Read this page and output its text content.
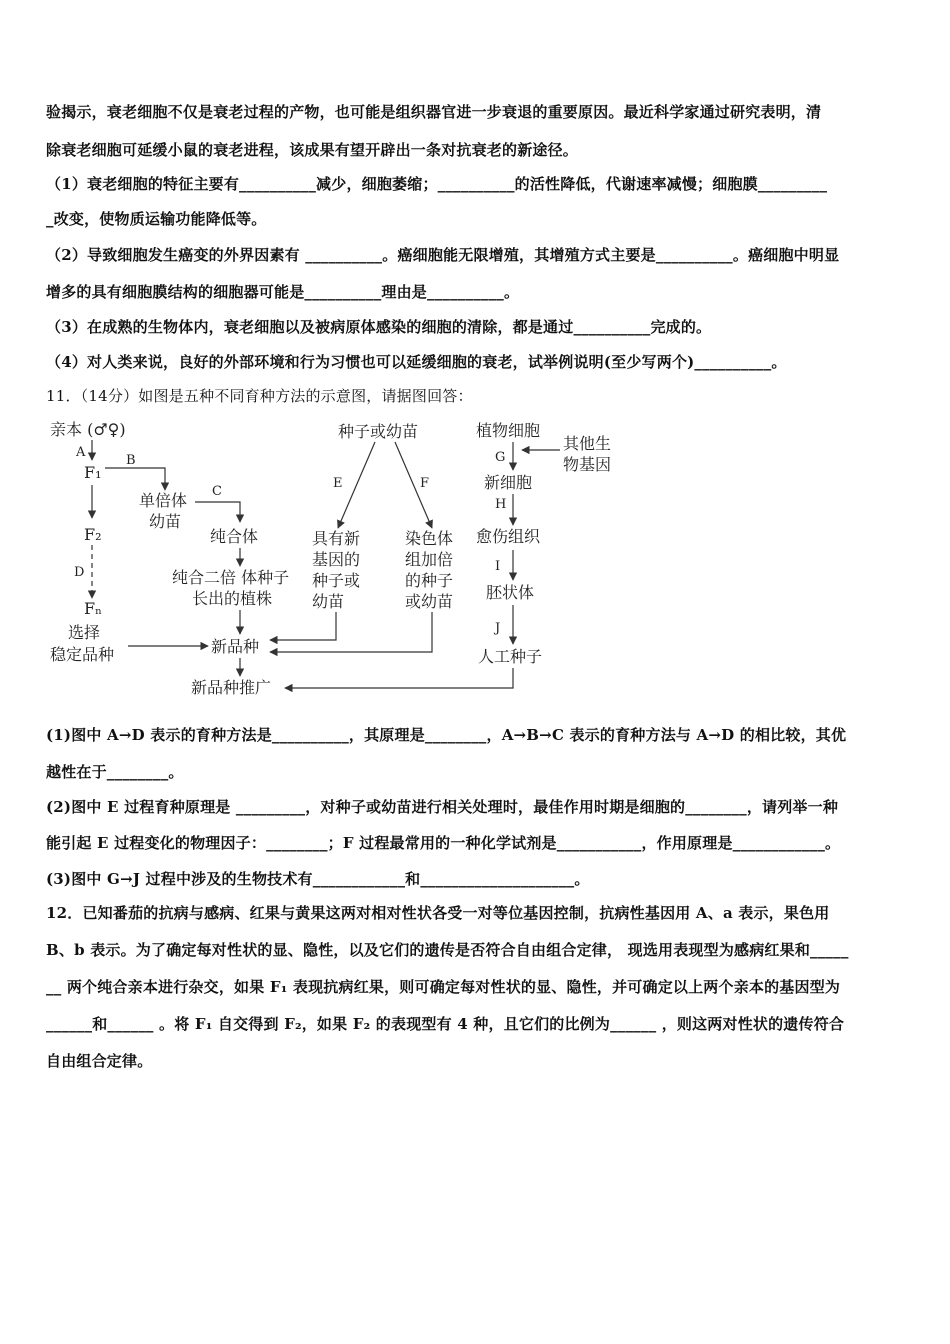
验揭示，衰老细胞不仅是衰老过程的产物，也可能是组织器官进一步衰退的重要原因。最近科学家通过研究表明，清
除衰老细胞可延缓小鼠的衰老进程，该成果有望开辟出一条对抗衰老的新途径。
（1）衰老细胞的特征主要有__________减少，细胞萎缩；__________的活性降低，代谢速率减慢；细胞膜_________
_改变，使物质运输功能降低等。
（2）导致细胞发生癌变的外界因素有 __________。癌细胞能无限增殖，其增殖方式主要是__________。癌细胞中明显
增多的具有细胞膜结构的细胞器可能是__________理由是__________。
（3）在成熟的生物体内，衰老细胞以及被病原体感染的细胞的清除，都是通过__________完成的。
（4）对人类来说，良好的外部环境和行为习惯也可以延缓细胞的衰老，试举例说明(至少写两个)__________。
11．（14分）如图是五种不同育种方法的示意图，请据图回答：
亲本 (♂♀)
A
F₁
B
单倍体
幼苗
C
F₂
D
Fₙ
纯合体
纯合二倍 体种子
长出的植株
选择
稳定品种	新品种
新品种推广
种子或幼苗
E	F
具有新
基因的
种子或
幼苗
染色体
组加倍
的种子
或幼苗
植物细胞
其他生
物基因
G
新细胞
H
愈伤组织
I
胚状体
J
人工种子
(1)图中 A→D 表示的育种方法是__________，其原理是________，A→B→C 表示的育种方法与 A→D 的相比较，其优
越性在于________。
(2)图中 E 过程育种原理是 _________，对种子或幼苗进行相关处理时，最佳作用时期是细胞的________，请列举一种
能引起 E 过程变化的物理因子：________；F 过程最常用的一种化学试剂是___________，作用原理是____________。
(3)图中 G→J 过程中涉及的生物技术有____________和____________________。
12．已知番茄的抗病与感病、红果与黄果这两对相对性状各受一对等位基因控制，抗病性基因用 A、a 表示，果色用
B、b 表示。为了确定每对性状的显、隐性，以及它们的遗传是否符合自由组合定律， 现选用表现型为感病红果和_____
__ 两个纯合亲本进行杂交，如果 F₁ 表现抗病红果，则可确定每对性状的显、隐性，并可确定以上两个亲本的基因型为
______和______ 。将 F₁ 自交得到 F₂，如果 F₂ 的表现型有 4 种，且它们的比例为______ ，则这两对性状的遗传符合
自由组合定律。
